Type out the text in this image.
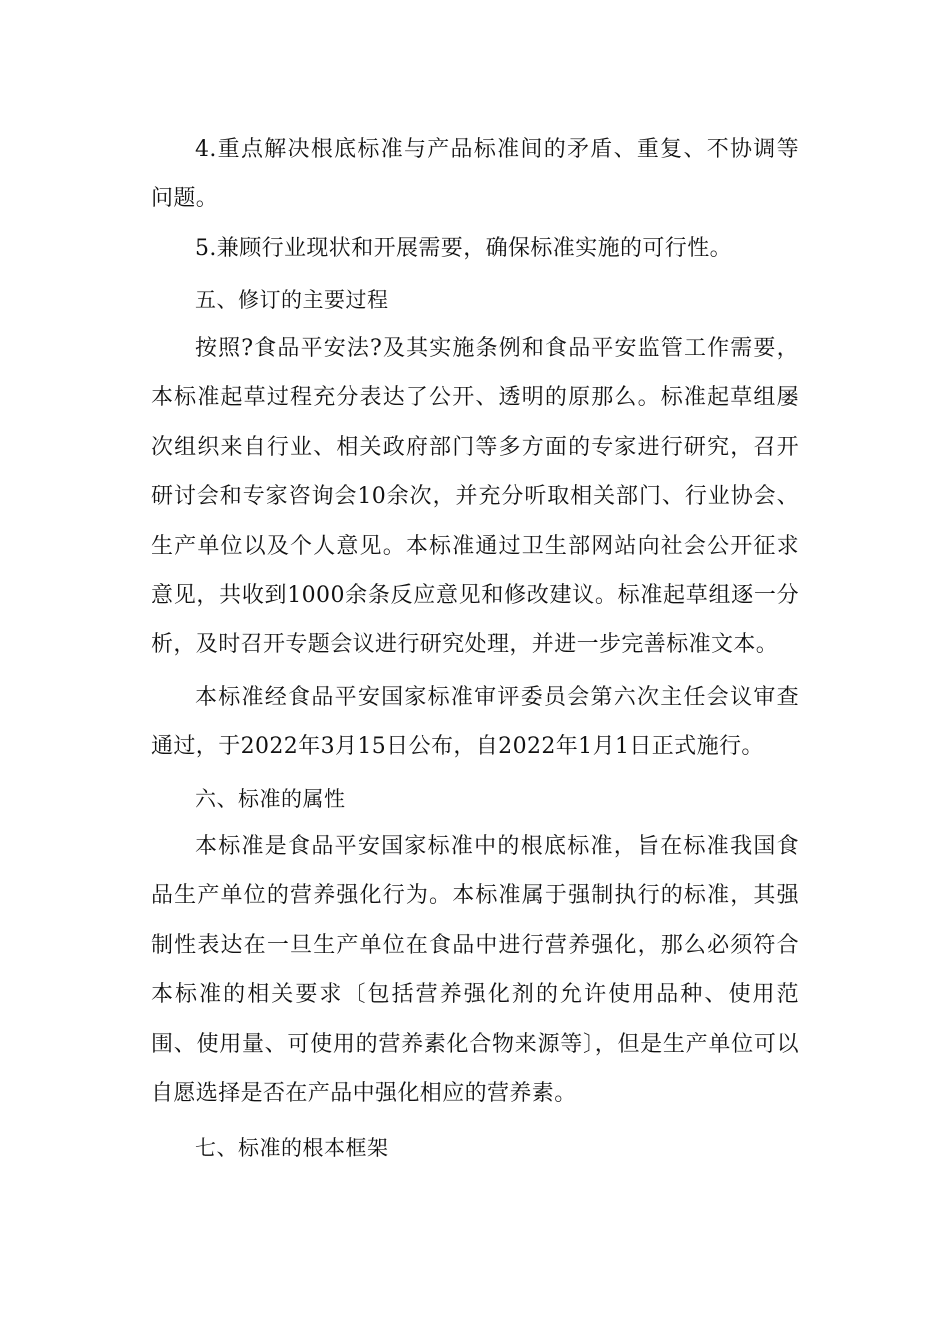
4.重点解决根底标准与产品标准间的矛盾、重复、不协调等问题。

5.兼顾行业现状和开展需要，确保标准实施的可行性。

五、修订的主要过程

按照?食品平安法?及其实施条例和食品平安监管工作需要，本标准起草过程充分表达了公开、透明的原那么。标准起草组屡次组织来自行业、相关政府部门等多方面的专家进行研究，召开研讨会和专家咨询会10余次，并充分听取相关部门、行业协会、生产单位以及个人意见。本标准通过卫生部网站向社会公开征求意见，共收到1000余条反应意见和修改建议。标准起草组逐一分析，及时召开专题会议进行研究处理，并进一步完善标准文本。

本标准经食品平安国家标准审评委员会第六次主任会议审查通过，于2022年3月15日公布，自2022年1月1日正式施行。

六、标准的属性

本标准是食品平安国家标准中的根底标准，旨在标准我国食品生产单位的营养强化行为。本标准属于强制执行的标准，其强制性表达在一旦生产单位在食品中进行营养强化，那么必须符合本标准的相关要求〔包括营养强化剂的允许使用品种、使用范围、使用量、可使用的营养素化合物来源等〕，但是生产单位可以自愿选择是否在产品中强化相应的营养素。

七、标准的根本框架
